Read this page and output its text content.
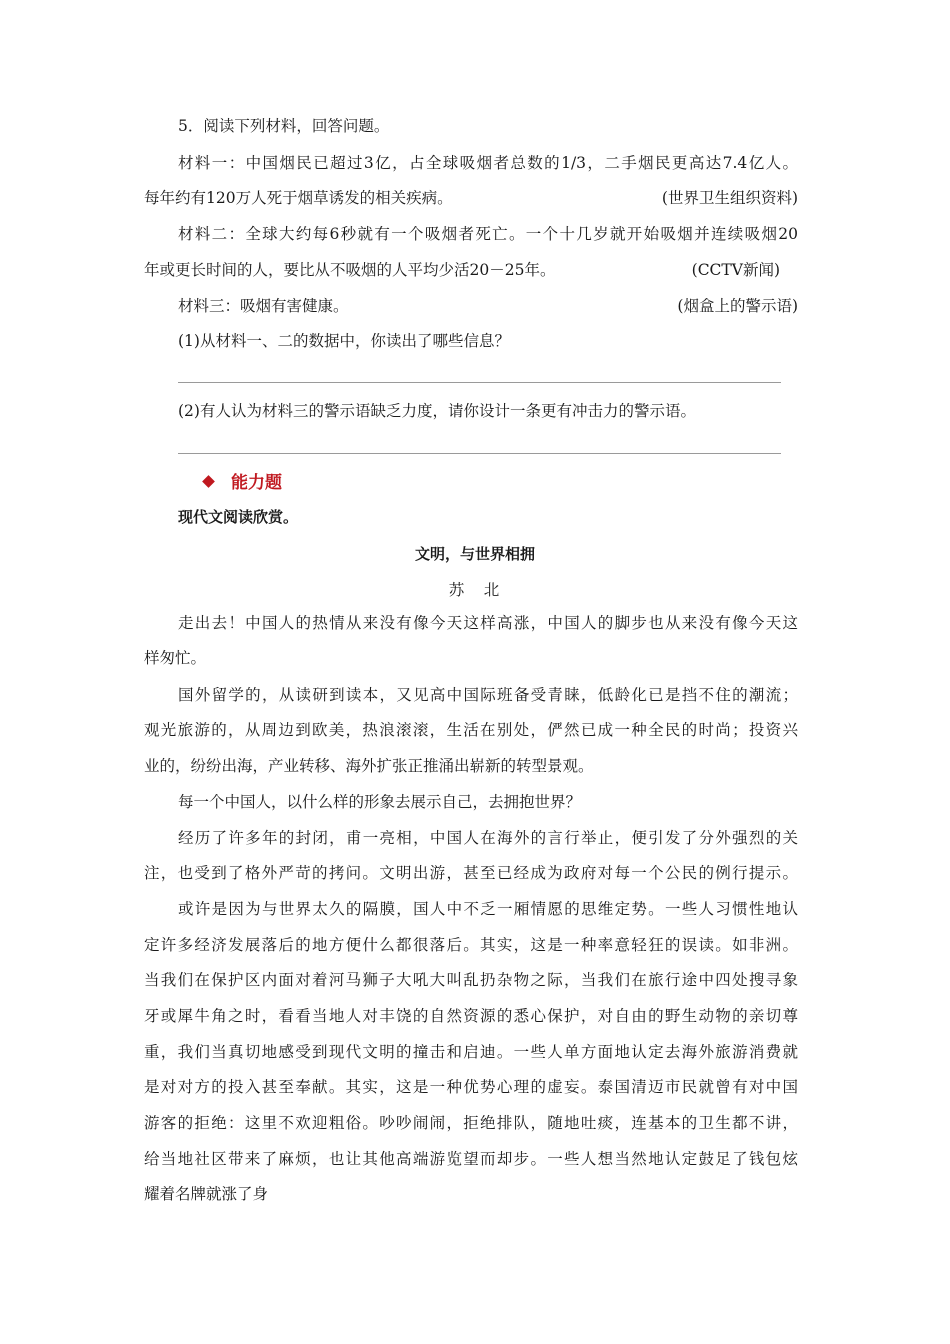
5．阅读下列材料，回答问题。
材料一：中国烟民已超过3亿，占全球吸烟者总数的1/3，二手烟民更高达7.4亿人。
每年约有120万人死于烟草诱发的相关疾病。	(世界卫生组织资料)
材料二：全球大约每6秒就有一个吸烟者死亡。一个十几岁就开始吸烟并连续吸烟20
年或更长时间的人，要比从不吸烟的人平均少活20－25年。	(CCTV新闻)
材料三：吸烟有害健康。	(烟盒上的警示语)
(1)从材料一、二的数据中，你读出了哪些信息？
(2)有人认为材料三的警示语缺乏力度，请你设计一条更有冲击力的警示语。
能力题
现代文阅读欣赏。
文明，与世界相拥
苏　北
走出去！中国人的热情从来没有像今天这样高涨，中国人的脚步也从来没有像今天这
样匆忙。
国外留学的，从读研到读本，又见高中国际班备受青睐，低龄化已是挡不住的潮流；
观光旅游的，从周边到欧美，热浪滚滚，生活在别处，俨然已成一种全民的时尚；投资兴
业的，纷纷出海，产业转移、海外扩张正推涌出崭新的转型景观。
每一个中国人，以什么样的形象去展示自己，去拥抱世界？
经历了许多年的封闭，甫一亮相，中国人在海外的言行举止，便引发了分外强烈的关
注，也受到了格外严苛的拷问。文明出游，甚至已经成为政府对每一个公民的例行提示。
或许是因为与世界太久的隔膜，国人中不乏一厢情愿的思维定势。一些人习惯性地认
定许多经济发展落后的地方便什么都很落后。其实，这是一种率意轻狂的误读。如非洲。
当我们在保护区内面对着河马狮子大吼大叫乱扔杂物之际，当我们在旅行途中四处搜寻象
牙或犀牛角之时，看看当地人对丰饶的自然资源的悉心保护，对自由的野生动物的亲切尊
重，我们当真切地感受到现代文明的撞击和启迪。一些人单方面地认定去海外旅游消费就
是对对方的投入甚至奉献。其实，这是一种优势心理的虚妄。泰国清迈市民就曾有对中国
游客的拒绝：这里不欢迎粗俗。吵吵闹闹，拒绝排队，随地吐痰，连基本的卫生都不讲，
给当地社区带来了麻烦，也让其他高端游览望而却步。一些人想当然地认定鼓足了钱包炫
耀着名牌就涨了身
